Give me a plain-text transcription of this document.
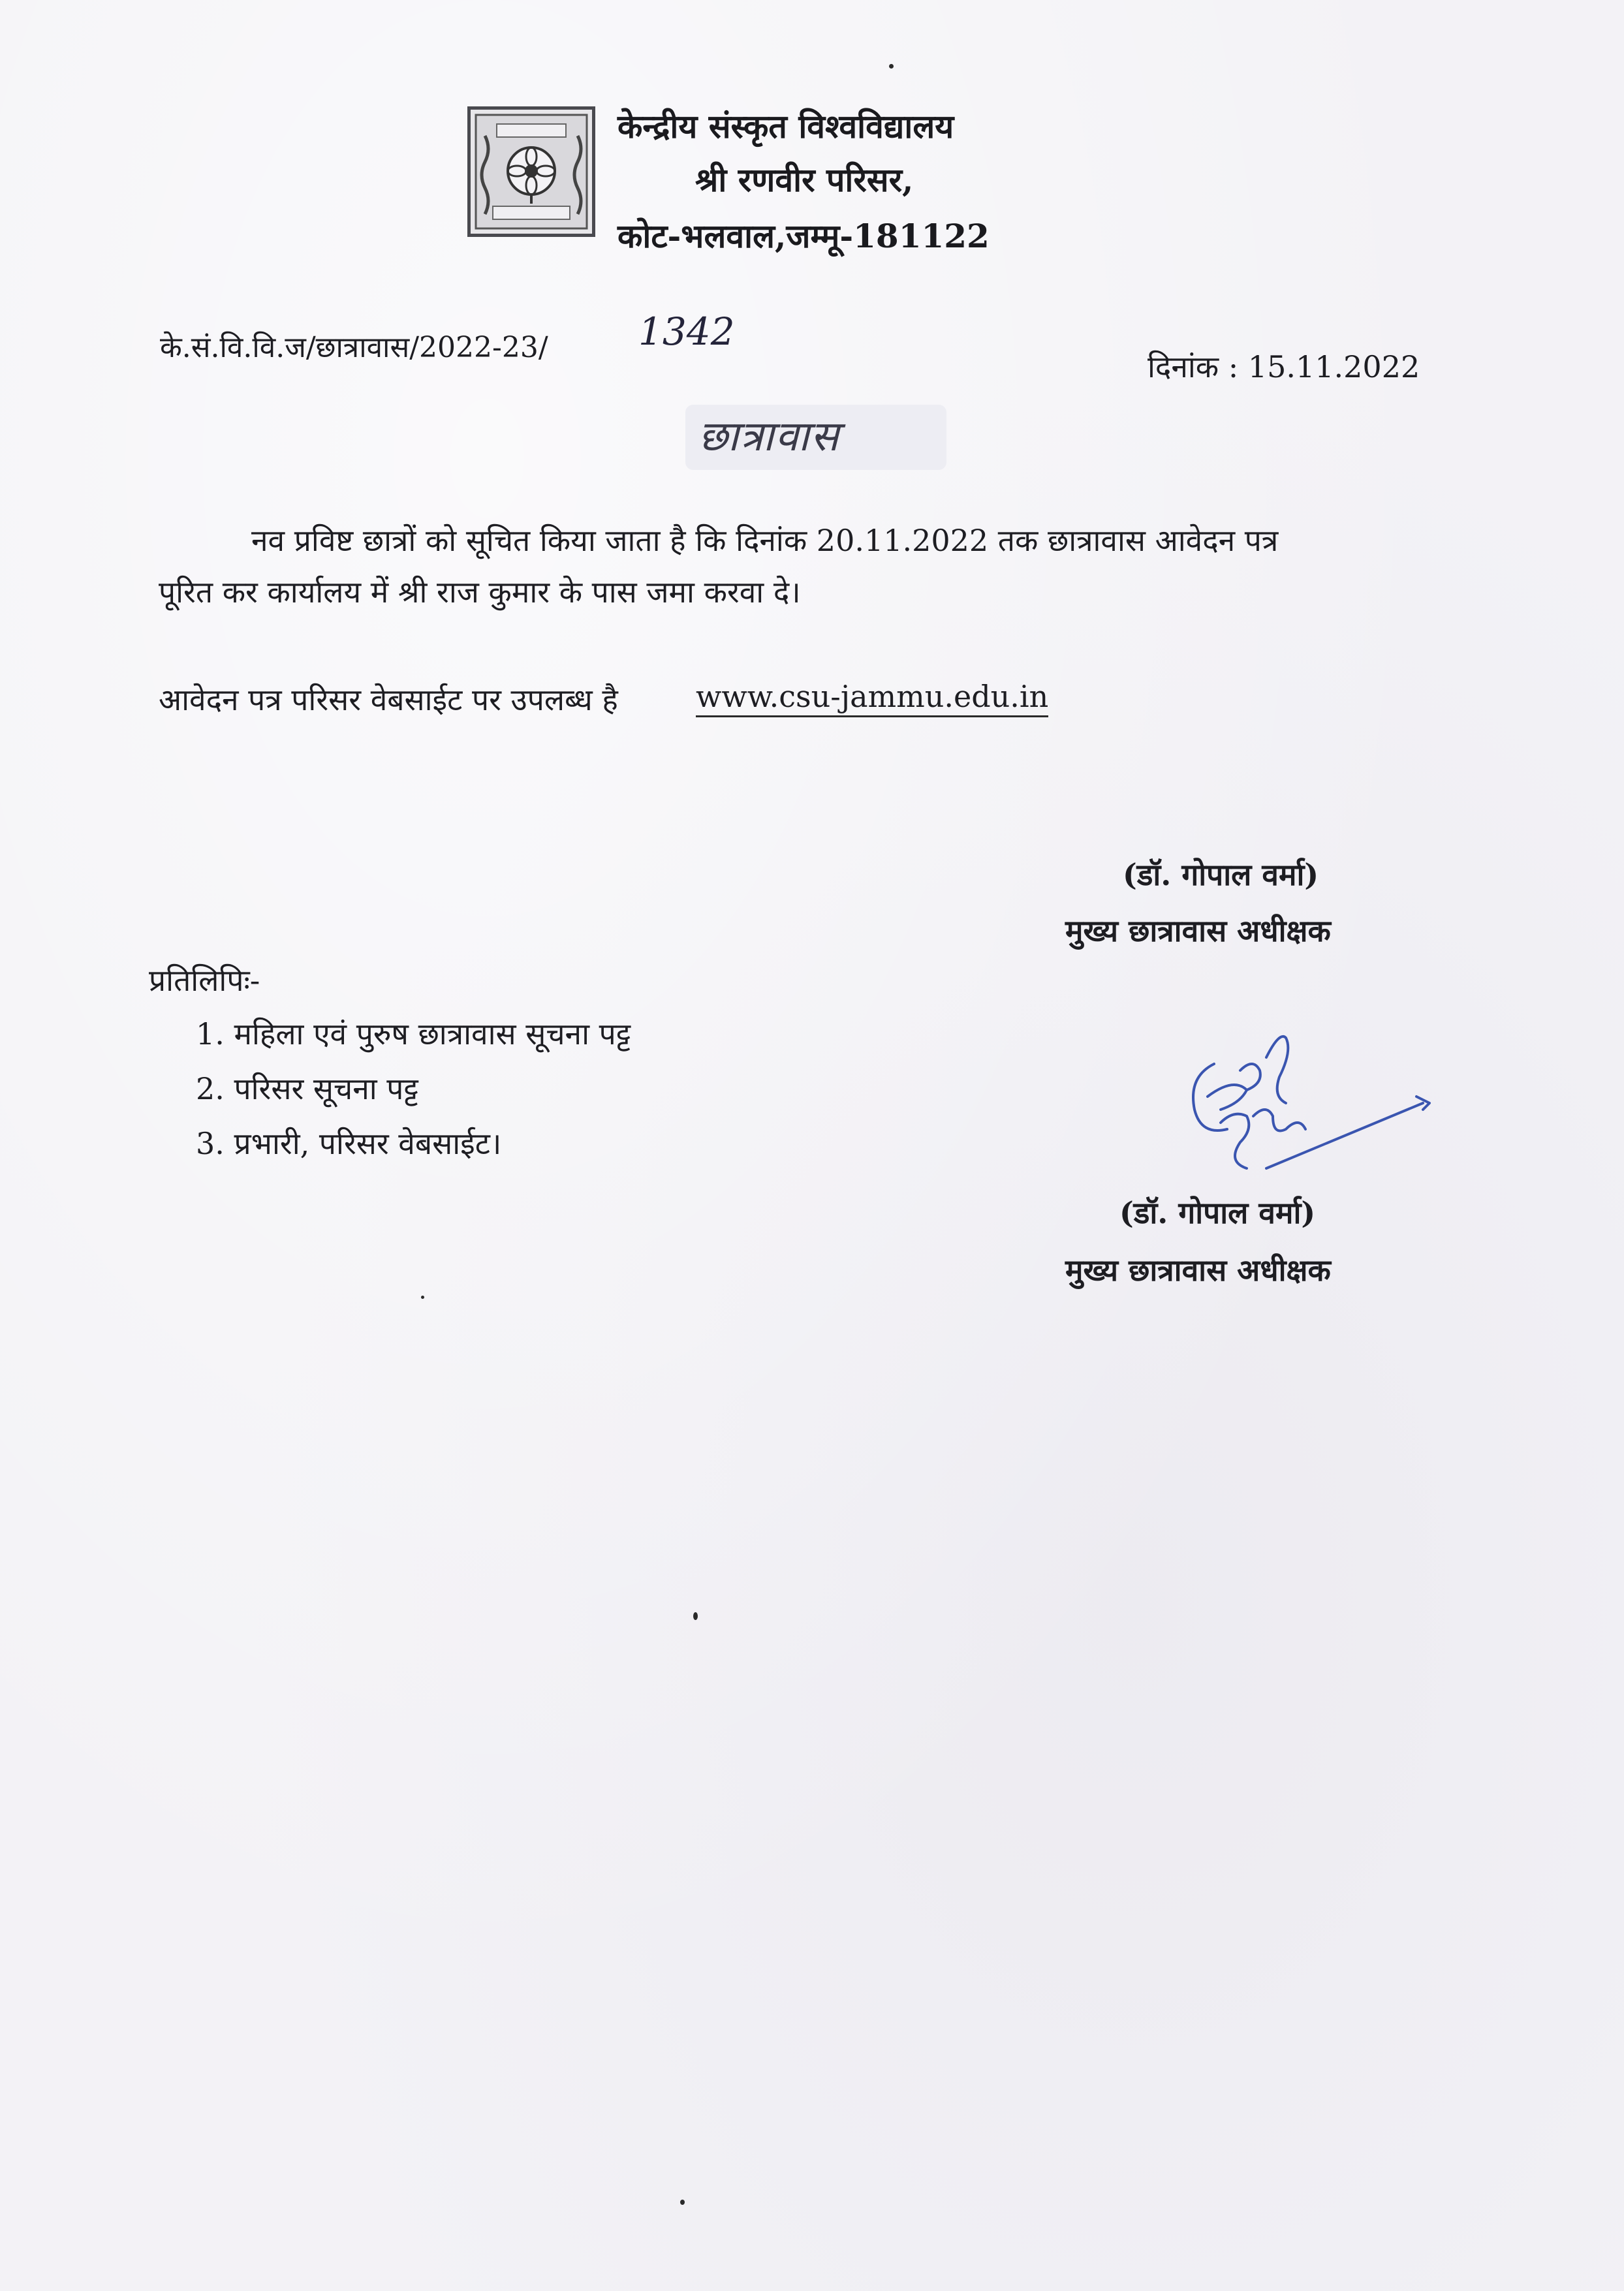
केन्द्रीय संस्कृत विश्वविद्यालय
श्री रणवीर परिसर,
कोट-भलवाल,जम्मू-181122
के.सं.वि.वि.ज/छात्रावास/2022-23/ 1342
दिनांक : 15.11.2022
छात्रावास
नव प्रविष्ट छात्रों को सूचित किया जाता है कि दिनांक 20.11.2022 तक छात्रावास आवेदन पत्र
पूरित कर कार्यालय में श्री राज कुमार के पास जमा करवा दे।
आवेदन पत्र परिसर वेबसाईट पर उपलब्ध है	www.csu-jammu.edu.in
(डॉ. गोपाल वर्मा)
मुख्य छात्रावास अधीक्षक
प्रतिलिपिः-
1. महिला एवं पुरुष छात्रावास सूचना पट्ट
2. परिसर सूचना पट्ट
3. प्रभारी, परिसर वेबसाईट।
(डॉ. गोपाल वर्मा)
मुख्य छात्रावास अधीक्षक
